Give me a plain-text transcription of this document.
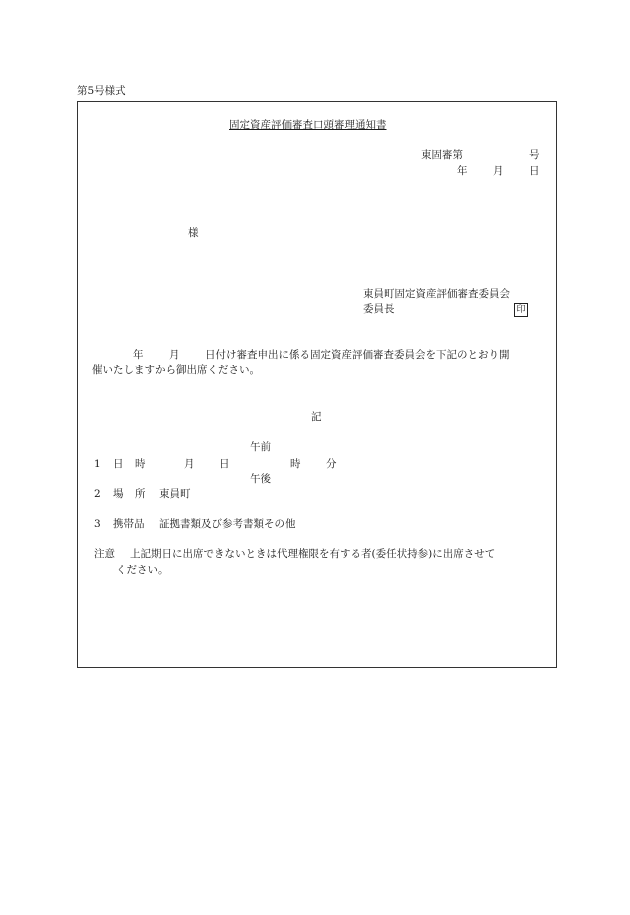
第5号様式
固定資産評価審査口頭審理通知書
東固審第	号
年 月 日
様
東員町固定資産評価審査委員会
委員長	印
年 月 日付け審査申出に係る固定資産評価審査委員会を下記のとおり開
催いたしますから御出席ください。
記
午前
1 日 時	月 日	時 分
午後
2 場 所 東員町
3 携帯品 証拠書類及び参考書類その他
注意 上記期日に出席できないときは代理権限を有する者(委任状持参)に出席させて
ください。
